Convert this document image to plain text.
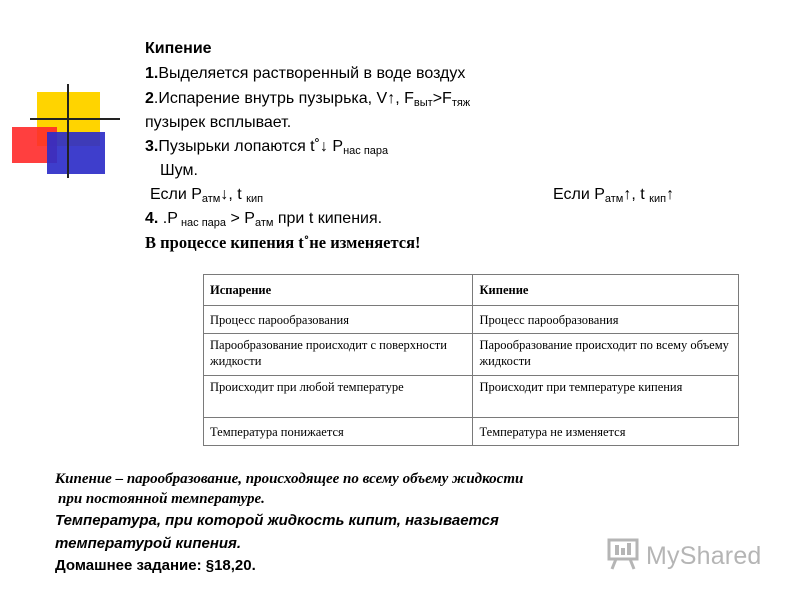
Кипение
1.Выделяется растворенный в воде воздух
2.Испарение внутрь пузырька, V↑, $F_{выт}>F_{тяж}$
пузырек всплывает.
3.Пузырьки лопаются t˚↓ $P_{нас пара}$
Шум.
Если $P_{атм}↓$, t $_{кип}$	Если $P_{атм}↑$, t $_{кип}$↑
4. .P $_{нас пара} > P_{атм}$ при t кипения.
В процессе кипения t˚не изменяется!
Испарение	Кипение
Процесс парообразования	Процесс парообразования
Парообразование происходит с поверхности жидкости	Парообразование происходит по всему объему жидкости
Происходит при любой температуре	Происходит при температуре кипения
Температура понижается	Температура не изменяется
Кипение – парообразование, происходящее по всему объему жидкости
при постоянной температуре.
Температура, при которой жидкость кипит, называется
температурой кипения.
Домашнее задание: §18,20.	MyShared
